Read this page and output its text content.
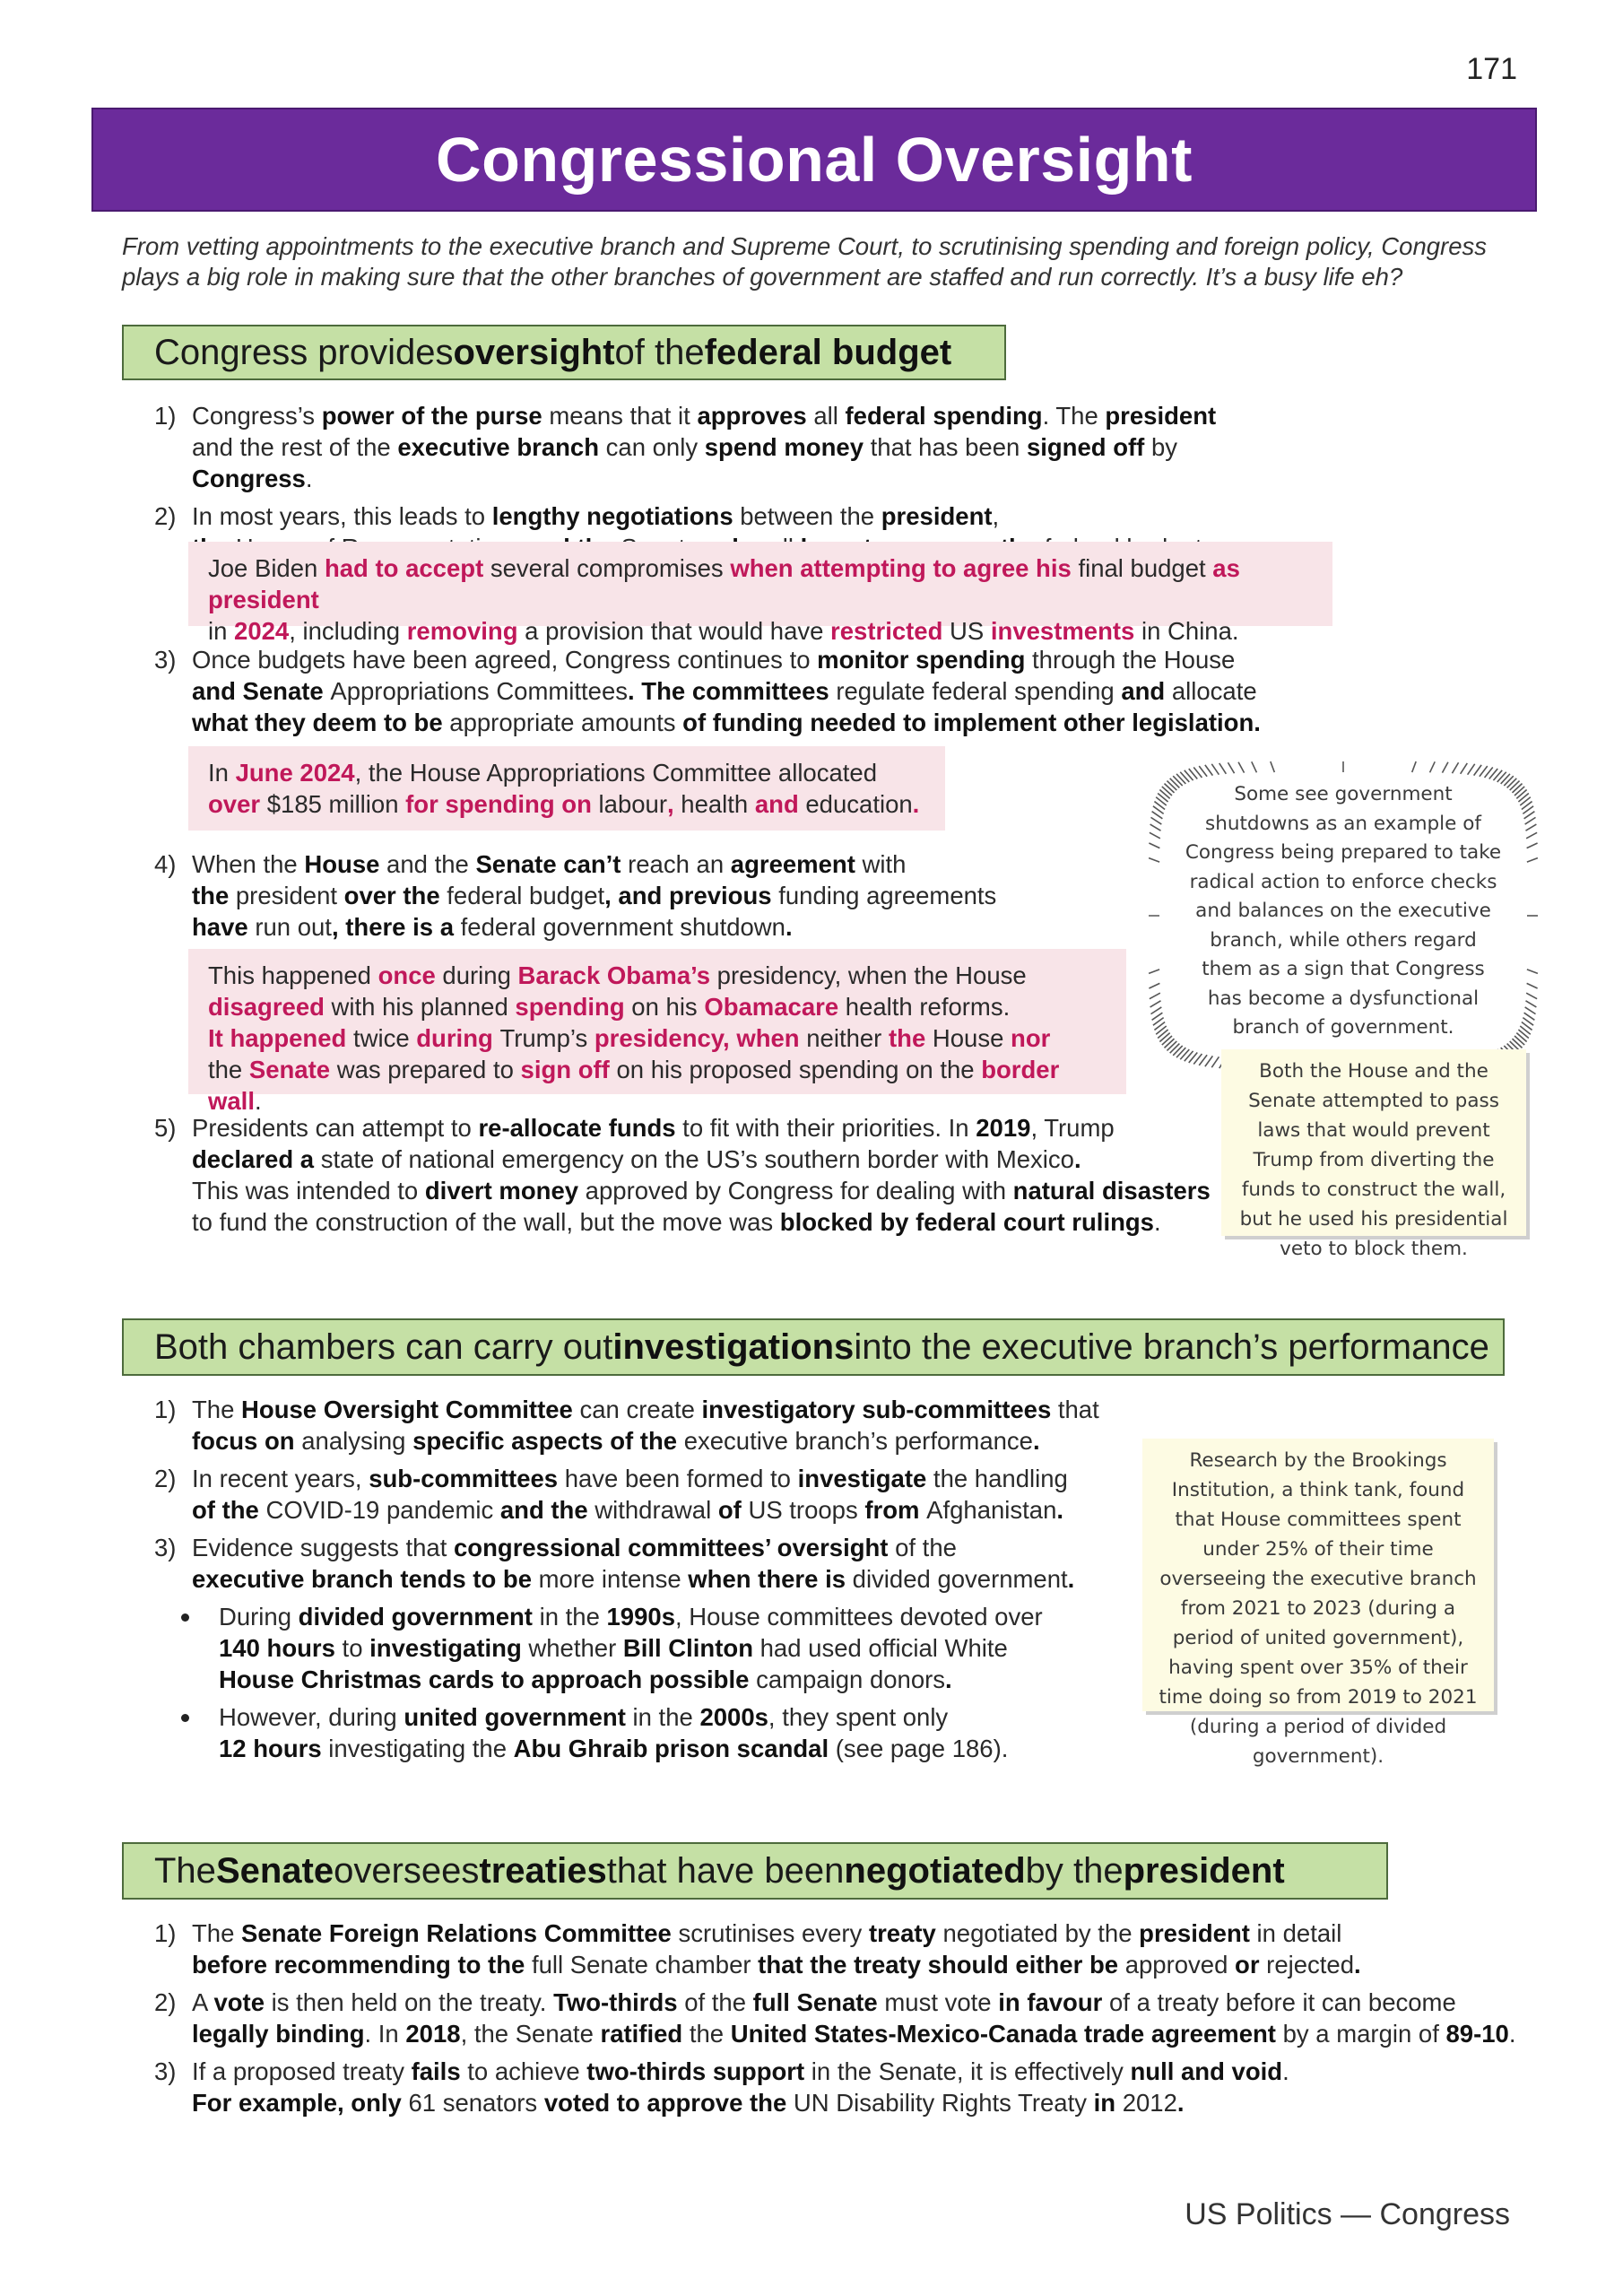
171
Congressional Oversight
From vetting appointments to the executive branch and Supreme Court, to scrutinising spending and foreign policy, Congress plays a big role in making sure that the other branches of government are staffed and run correctly. It’s a busy life eh?
Congress provides oversight of the federal budget
1) Congress’s power of the purse means that it approves all federal spending. The president
and the rest of the executive branch can only spend money that has been signed off by Congress.
2) In most years, this leads to lengthy negotiations between the president,

Joe Biden had to accept several compromises when attempting to agree his final budget as president
in 2024, including removing a provision that would have restricted US investments in China.
3) Once budgets have been agreed, Congress continues to monitor spending through the House
and Senate Appropriations Committees. The committees regulate federal spending and allocate
what they deem to be appropriate amounts of funding needed to implement other legislation.
In June 2024, the House Appropriations Committee allocated
over $185 million for spending on labour, health and education.
4) When the House and the Senate can’t reach an agreement with
the president over the federal budget, and previous funding agreements
have run out, there is a federal government shutdown.
This happened once during Barack Obama’s presidency, when the House
disagreed with his planned spending on his Obamacare health reforms.
It happened twice during Trump’s presidency, when neither the House nor
the Senate was prepared to sign off on his proposed spending on the border wall.
5) Presidents can attempt to re-allocate funds to fit with their priorities. In 2019, Trump
declared a state of national emergency on the US’s southern border with Mexico.
This was intended to divert money approved by Congress for dealing with natural disasters
to fund the construction of the wall, but the move was blocked by federal court rulings.
Some see government shutdowns as an example of Congress being prepared to take radical action to enforce checks and balances on the executive branch, while others regard them as a sign that Congress has become a dysfunctional branch of government.
Both the House and the Senate attempted to pass laws that would prevent Trump from diverting the funds to construct the wall, but he used his presidential veto to block them.
Both chambers can carry out investigations into the executive branch’s performance
1) The House Oversight Committee can create investigatory sub-committees that
focus on analysing specific aspects of the executive branch’s performance.
2) In recent years, sub-committees have been formed to investigate the handling
of the COVID-19 pandemic and the withdrawal of US troops from Afghanistan.
3) Evidence suggests that congressional committees’ oversight of the
executive branch tends to be more intense when there is divided government.
During divided government in the 1990s, House committees devoted over
140 hours to investigating whether Bill Clinton had used official White
House Christmas cards to approach possible campaign donors.
However, during united government in the 2000s, they spent only
12 hours investigating the Abu Ghraib prison scandal (see page 186).
Research by the Brookings Institution, a think tank, found that House committees spent under 25% of their time overseeing the executive branch from 2021 to 2023 (during a period of united government), having spent over 35% of their time doing so from 2019 to 2021 (during a period of divided government).
The Senate oversees treaties that have been negotiated by the president
1) The Senate Foreign Relations Committee scrutinises every treaty negotiated by the president in detail
before recommending to the full Senate chamber that the treaty should either be approved or rejected.
2) A vote is then held on the treaty. Two-thirds of the full Senate must vote in favour of a treaty before it can become
legally binding. In 2018, the Senate ratified the United States-Mexico-Canada trade agreement by a margin of 89-10.
3) If a proposed treaty fails to achieve two-thirds support in the Senate, it is effectively null and void.
For example, only 61 senators voted to approve the UN Disability Rights Treaty in 2012.
US Politics — Congress
